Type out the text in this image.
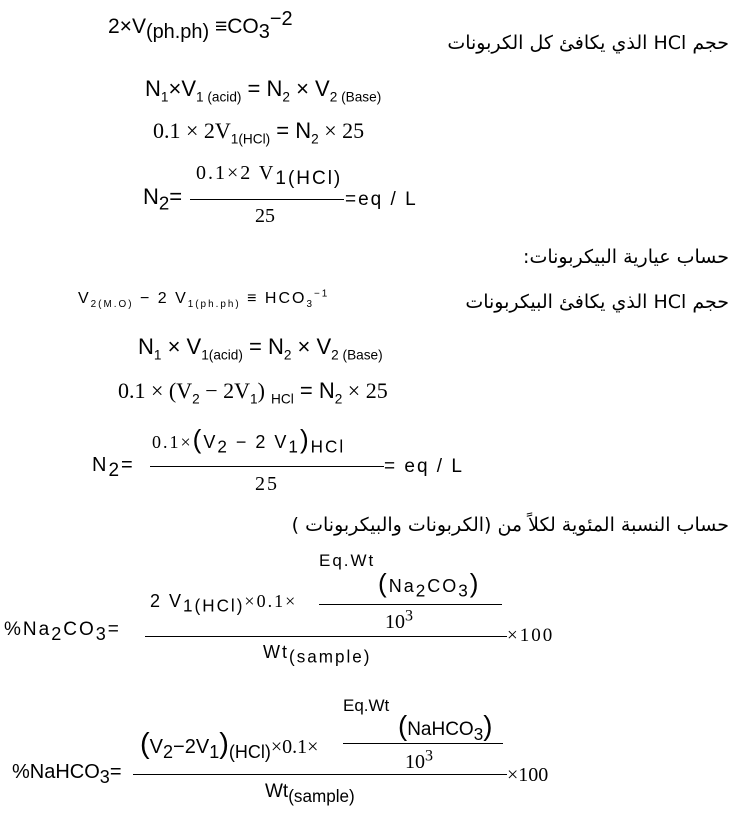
حجم HCl الذي يكافئ كل الكربونات
$2\times V_{(ph.ph)} \equiv CO_3^{-2}$
$N_1\times V_{1 (acid)} = N_2 \times V_{2 (Base)}$
$0.1 \times 2V_{1(HCl)} = N_2 \times 25$
$N_2=$
0.1×2 $V_{1(HCl)}$
25
=eq / L
حساب عيارية البيكربونات:
حجم HCl الذي يكافئ البيكربونات
$V_{2(M.O)} - 2$ $V_{1(ph.ph)} \equiv HCO_3^{-1}$
$N_1 \times V_{1(acid)} = N_2 \times V_{2 (Base)}$
$0.1 \times (V_2 - 2V_1) _{HCl} = N_2 \times 25$
$N_2=$
$0.1\times(V_2 - 2$ $V_1)_{HCl}$
25
= eq / L
حساب النسبة المئوية لكلاً من (الكربونات والبيكربونات )
$\%Na_2CO_3=$
2 $V_{1(HCl)}\times 0.1\times$
Eq.Wt
$(Na_2CO_3)$
$10^3$
$Wt_{(sample)}$
×100
%NaHCO$_3$=
$(V_2-2V_1)_{(HCl)}\times 0.1\times$
Eq.Wt
(NaHCO$_3$)
$10^3$
$Wt_{(sample)}$
×100
